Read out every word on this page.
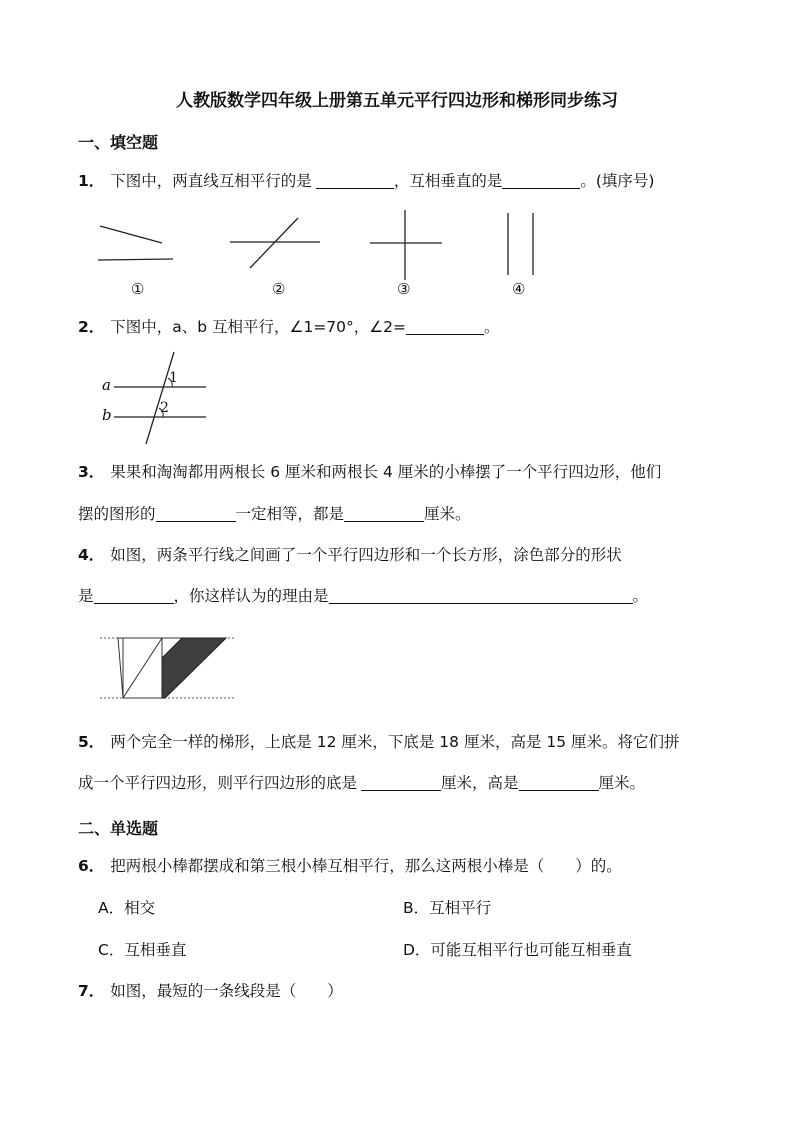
人教版数学四年级上册第五单元平行四边形和梯形同步练习
一、填空题
1． 下图中，两直线互相平行的是	，互相垂直的是	。(填序号)
①	②	③	④
2． 下图中，a、b 互相平行，∠1=70°，∠2=	。
a
b
1
2
3． 果果和淘淘都用两根长 6 厘米和两根长 4 厘米的小棒摆了一个平行四边形，他们
摆的图形的	一定相等，都是	厘米。
4． 如图，两条平行线之间画了一个平行四边形和一个长方形，涂色部分的形状
是	，你这样认为的理由是	。
5． 两个完全一样的梯形，上底是 12 厘米，下底是 18 厘米，高是 15 厘米。将它们拼
成一个平行四边形，则平行四边形的底是	厘米，高是	厘米。
二、单选题
6． 把两根小棒都摆成和第三根小棒互相平行，那么这两根小棒是（　　）的。
A．相交	B．互相平行
C．互相垂直	D．可能互相平行也可能互相垂直
7． 如图，最短的一条线段是（　　）
